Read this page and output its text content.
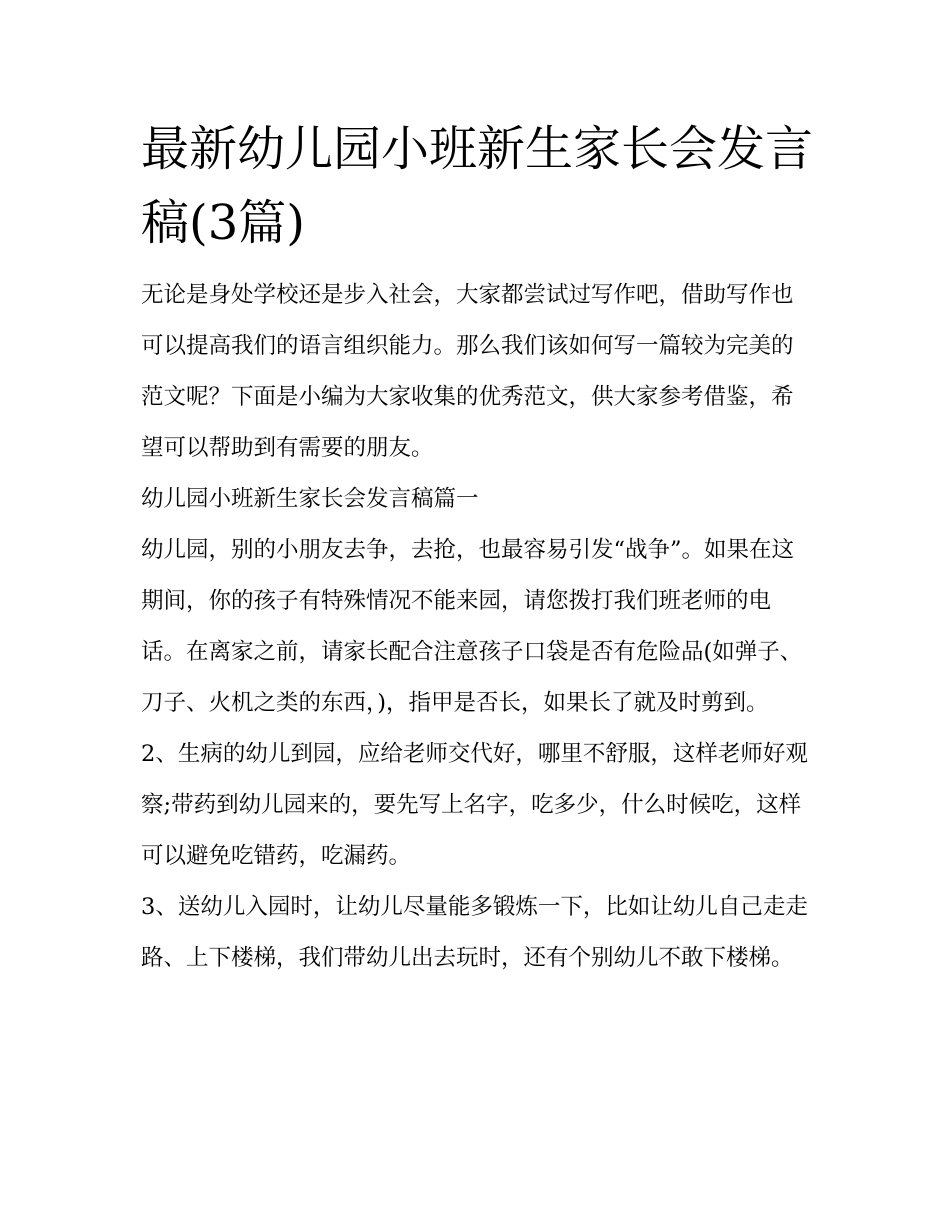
最新幼儿园小班新生家长会发言稿(3篇)

无论是身处学校还是步入社会，大家都尝试过写作吧，借助写作也可以提高我们的语言组织能力。那么我们该如何写一篇较为完美的范文呢？下面是小编为大家收集的优秀范文，供大家参考借鉴，希望可以帮助到有需要的朋友。

幼儿园小班新生家长会发言稿篇一

幼儿园，别的小朋友去争，去抢，也最容易引发“战争”。如果在这期间，你的孩子有特殊情况不能来园，请您拨打我们班老师的电话。在离家之前，请家长配合注意孩子口袋是否有危险品(如弹子、刀子、火机之类的东西，)，指甲是否长，如果长了就及时剪到。

2、生病的幼儿到园，应给老师交代好，哪里不舒服，这样老师好观察;带药到幼儿园来的，要先写上名字，吃多少，什么时候吃，这样可以避免吃错药，吃漏药。

3、送幼儿入园时，让幼儿尽量能多锻炼一下，比如让幼儿自己走走路、上下楼梯，我们带幼儿出去玩时，还有个别幼儿不敢下楼梯。
